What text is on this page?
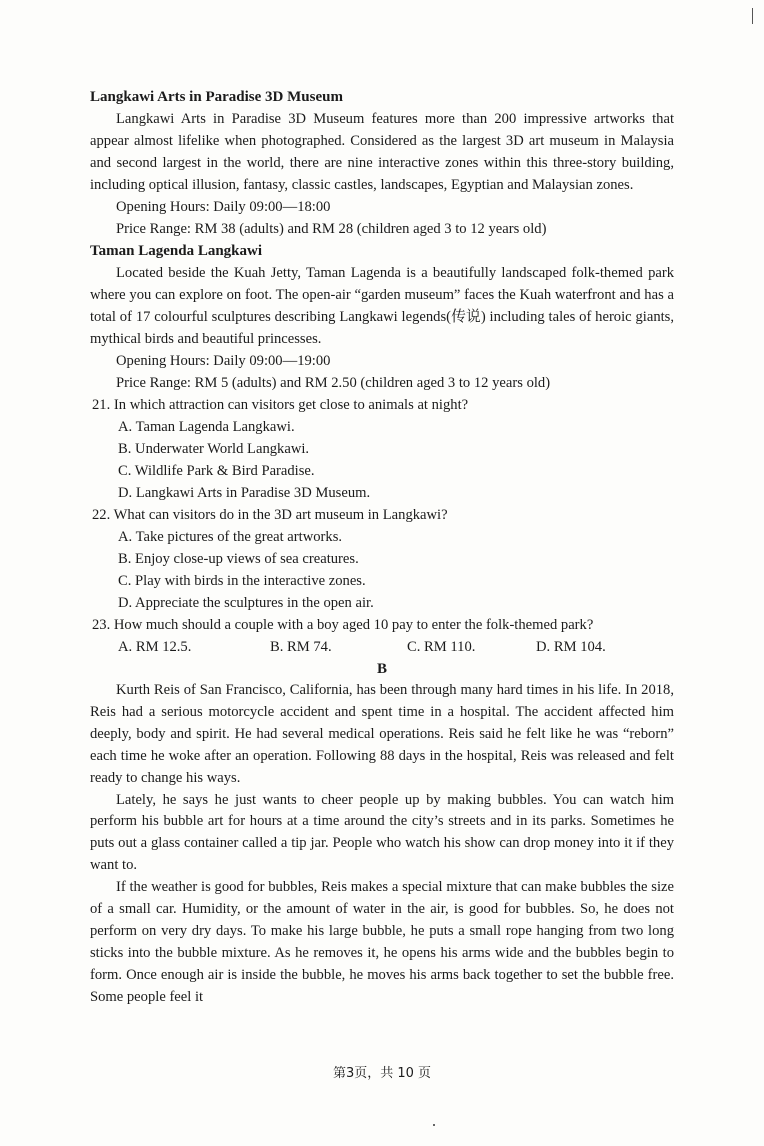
Langkawi Arts in Paradise 3D Museum

Langkawi Arts in Paradise 3D Museum features more than 200 impressive artworks that appear almost lifelike when photographed. Considered as the largest 3D art museum in Malaysia and second largest in the world, there are nine interactive zones within this three-story building, including optical illusion, fantasy, classic castles, landscapes, Egyptian and Malaysian zones.

Opening Hours: Daily 09:00—18:00
Price Range: RM 38 (adults) and RM 28 (children aged 3 to 12 years old)
Taman Lagenda Langkawi

Located beside the Kuah Jetty, Taman Lagenda is a beautifully landscaped folk-themed park where you can explore on foot. The open-air “garden museum” faces the Kuah waterfront and has a total of 17 colourful sculptures describing Langkawi legends(传说) including tales of heroic giants, mythical birds and beautiful princesses.

Opening Hours: Daily 09:00—19:00
Price Range: RM 5 (adults) and RM 2.50 (children aged 3 to 12 years old)
21. In which attraction can visitors get close to animals at night?
A. Taman Lagenda Langkawi.
B. Underwater World Langkawi.
C. Wildlife Park & Bird Paradise.
D. Langkawi Arts in Paradise 3D Museum.
22. What can visitors do in the 3D art museum in Langkawi?
A. Take pictures of the great artworks.
B. Enjoy close-up views of sea creatures.
C. Play with birds in the interactive zones.
D. Appreciate the sculptures in the open air.
23. How much should a couple with a boy aged 10 pay to enter the folk-themed park?
A. RM 12.5.	B. RM 74.	C. RM 110.	D. RM 104.
B

Kurth Reis of San Francisco, California, has been through many hard times in his life. In 2018, Reis had a serious motorcycle accident and spent time in a hospital. The accident affected him deeply, body and spirit. He had several medical operations. Reis said he felt like he was “reborn” each time he woke after an operation. Following 88 days in the hospital, Reis was released and felt ready to change his ways.

Lately, he says he just wants to cheer people up by making bubbles. You can watch him perform his bubble art for hours at a time around the city’s streets and in its parks. Sometimes he puts out a glass container called a tip jar. People who watch his show can drop money into it if they want to.

If the weather is good for bubbles, Reis makes a special mixture that can make bubbles the size of a small car. Humidity, or the amount of water in the air, is good for bubbles. So, he does not perform on very dry days. To make his large bubble, he puts a small rope hanging from two long sticks into the bubble mixture. As he removes it, he opens his arms wide and the bubbles begin to form. Once enough air is inside the bubble, he moves his arms back together to set the bubble free. Some people feel it

第3页，共 10 页
